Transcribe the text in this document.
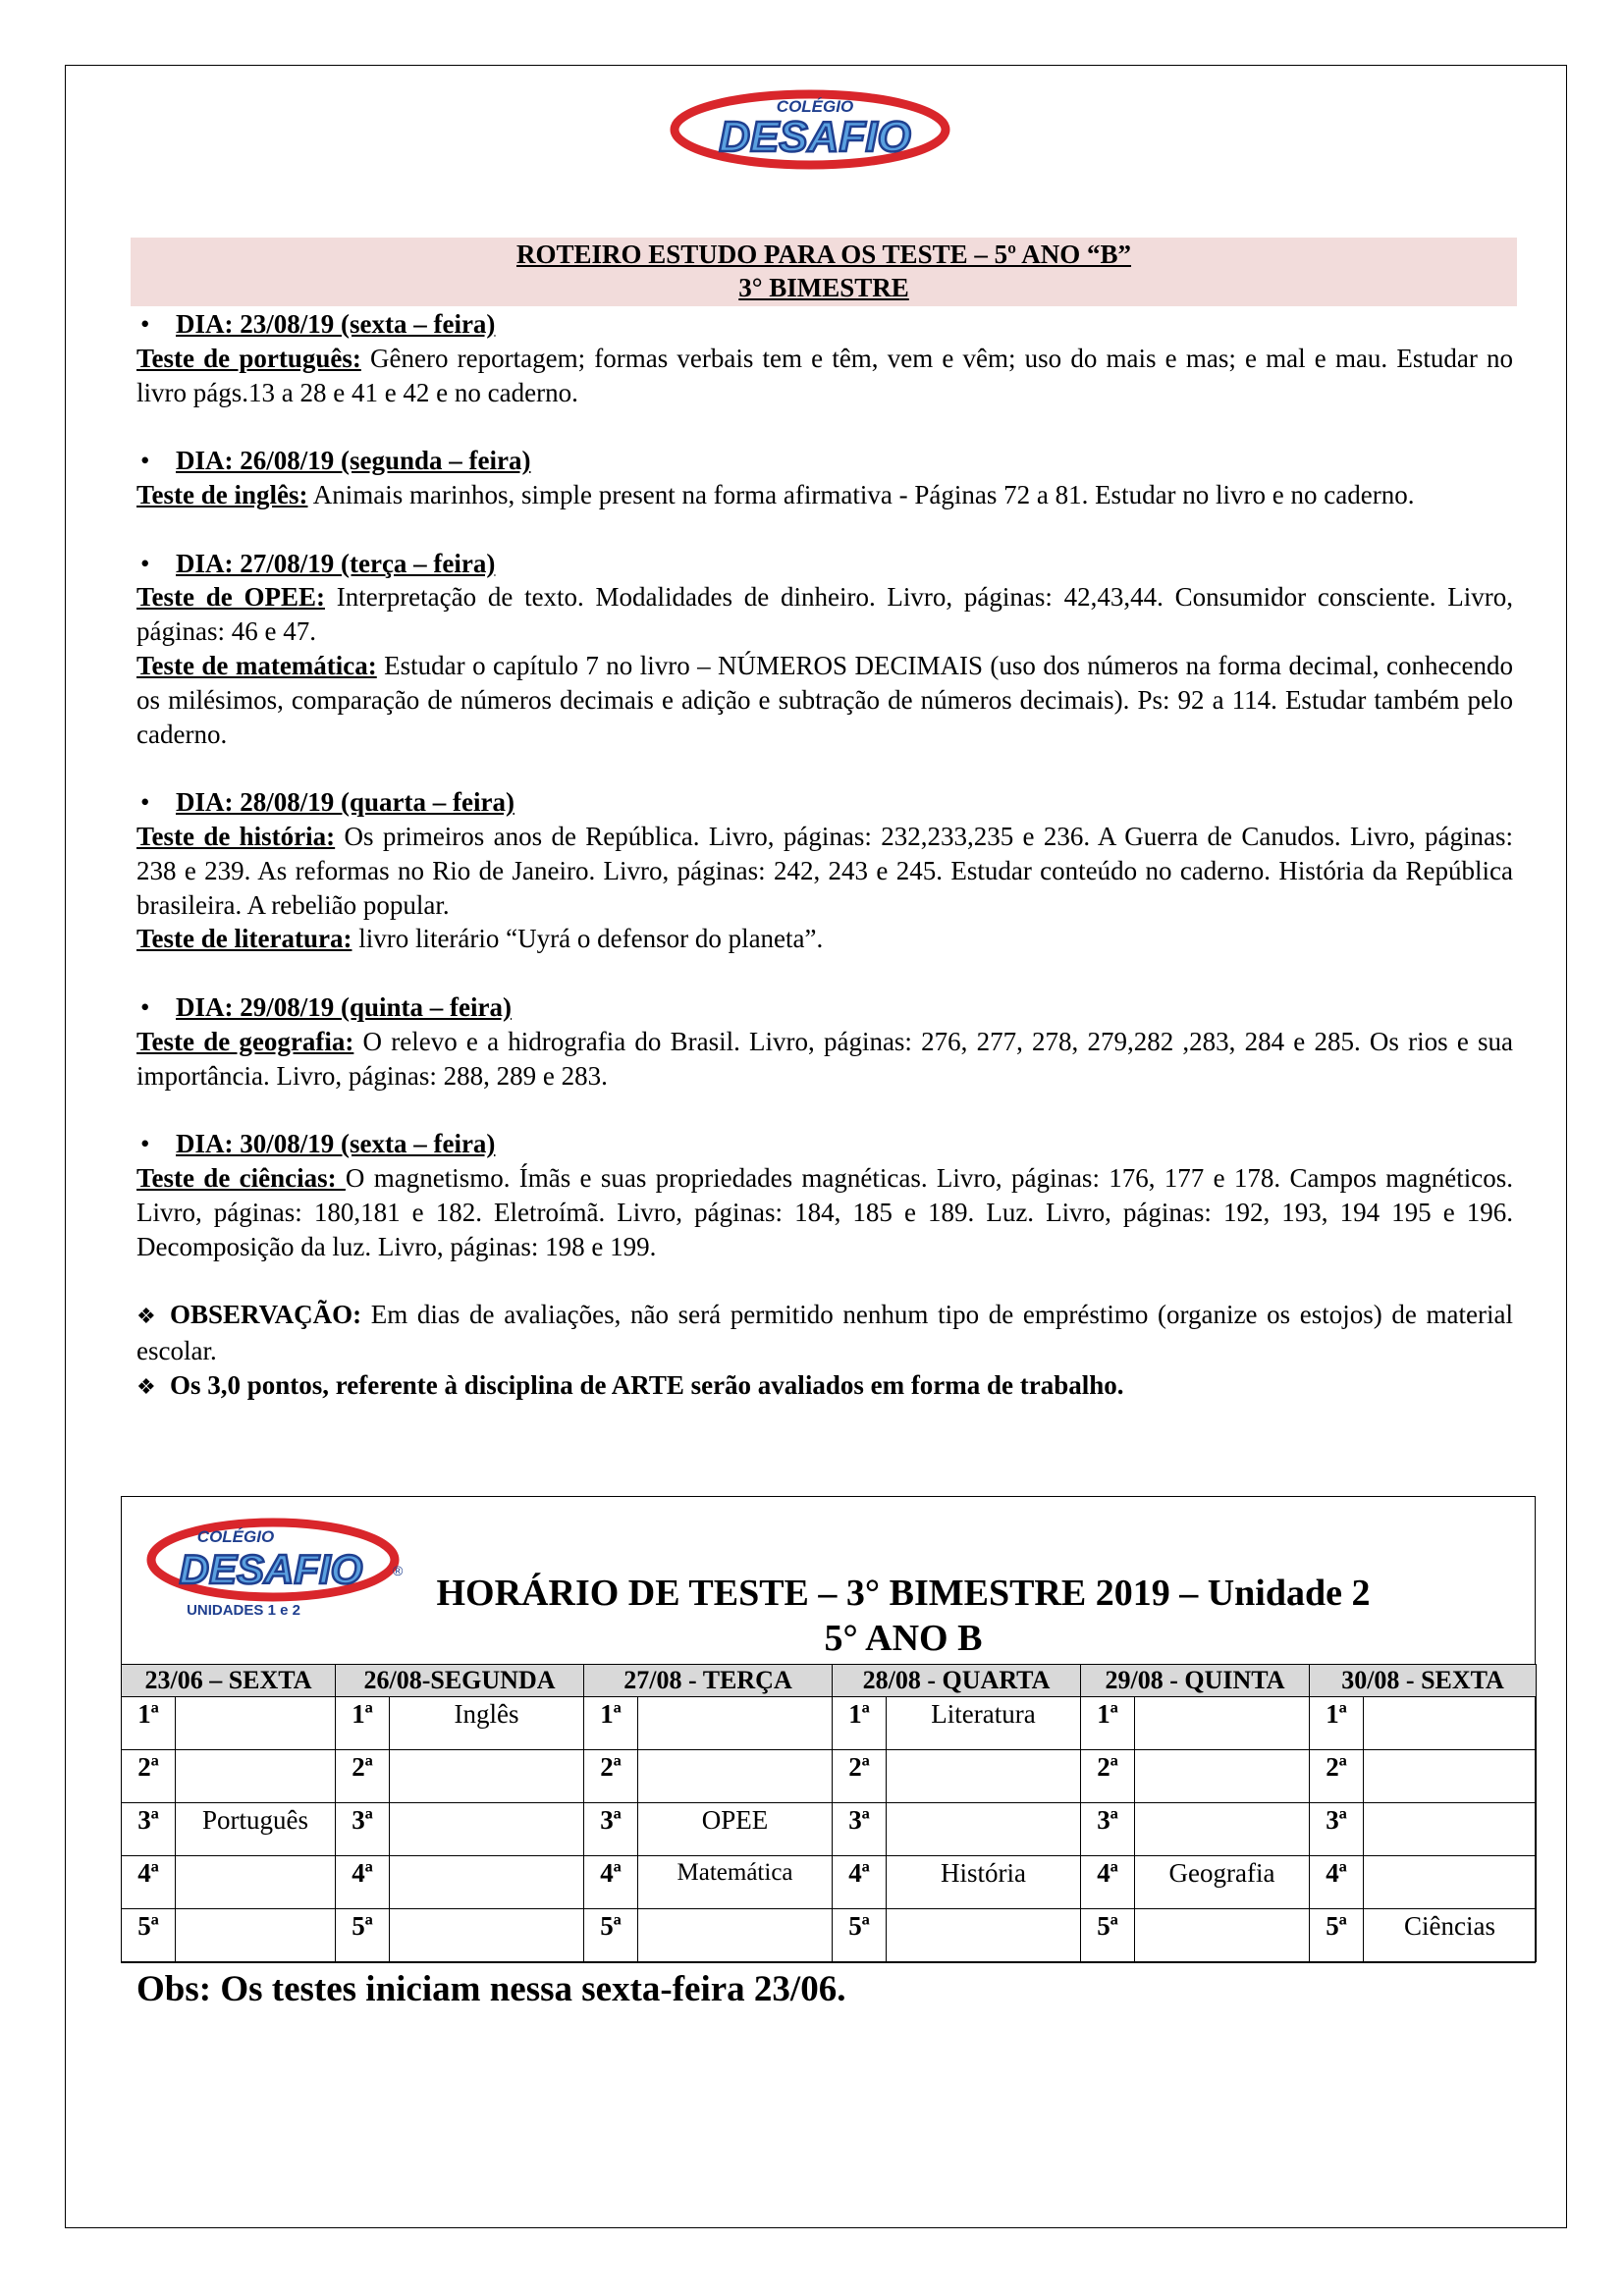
COLÉGIO
DESAFIO
ROTEIRO ESTUDO PARA OS TESTE – 5º ANO “B”
3° BIMESTRE

• DIA: 23/08/19 (sexta – feira)

Teste de português: Gênero reportagem; formas verbais tem e têm, vem e vêm; uso do mais e mas; e mal e mau. Estudar no livro págs.13 a 28 e 41 e 42 e no caderno.

• DIA: 26/08/19 (segunda – feira)

Teste de inglês: Animais marinhos, simple present na forma afirmativa - Páginas 72 a 81. Estudar no livro e no caderno.

• DIA: 27/08/19 (terça – feira)

Teste de OPEE: Interpretação de texto. Modalidades de dinheiro. Livro, páginas: 42,43,44. Consumidor consciente. Livro, páginas: 46 e 47.

Teste de matemática: Estudar o capítulo 7 no livro – NÚMEROS DECIMAIS (uso dos números na forma decimal, conhecendo os milésimos, comparação de números decimais e adição e subtração de números decimais). Ps: 92 a 114. Estudar também pelo caderno.

• DIA: 28/08/19 (quarta – feira)

Teste de história: Os primeiros anos de República. Livro, páginas: 232,233,235 e 236. A Guerra de Canudos. Livro, páginas: 238 e 239. As reformas no Rio de Janeiro. Livro, páginas: 242, 243 e 245. Estudar conteúdo no caderno. História da República brasileira. A rebelião popular.

Teste de literatura: livro literário “Uyrá o defensor do planeta”.

• DIA: 29/08/19 (quinta – feira)

Teste de geografia: O relevo e a hidrografia do Brasil. Livro, páginas: 276, 277, 278, 279,282 ,283, 284 e 285. Os rios e sua importância. Livro, páginas: 288, 289 e 283.

• DIA: 30/08/19 (sexta – feira)

Teste de ciências: O magnetismo. Ímãs e suas propriedades magnéticas. Livro, páginas: 176, 177 e 178. Campos magnéticos. Livro, páginas: 180,181 e 182. Eletroímã. Livro, páginas: 184, 185 e 189. Luz. Livro, páginas: 192, 193, 194 195 e 196. Decomposição da luz. Livro, páginas: 198 e 199.

❖ OBSERVAÇÃO: Em dias de avaliações, não será permitido nenhum tipo de empréstimo (organize os estojos) de material escolar.

❖ Os 3,0 pontos, referente à disciplina de ARTE serão avaliados em forma de trabalho.

COLÉGIO
DESAFIO ®
UNIDADES 1 e 2	HORÁRIO DE TESTE – 3° BIMESTRE 2019 – Unidade 2
5° ANO B
23/06 – SEXTA		26/08-SEGUNDA		27/08 - TERÇA		28/08 - QUARTA		29/08 - QUINTA		30/08 - SEXTA	
1ª		1ª	Inglês	1ª		1ª	Literatura	1ª		1ª	
2ª		2ª		2ª		2ª		2ª		2ª	
3ª	Português	3ª		3ª	OPEE	3ª		3ª		3ª	
4ª		4ª		4ª	Matemática	4ª	História	4ª	Geografia	4ª	
5ª		5ª		5ª		5ª		5ª		5ª	Ciências
Obs: Os testes iniciam nessa sexta-feira 23/06.
